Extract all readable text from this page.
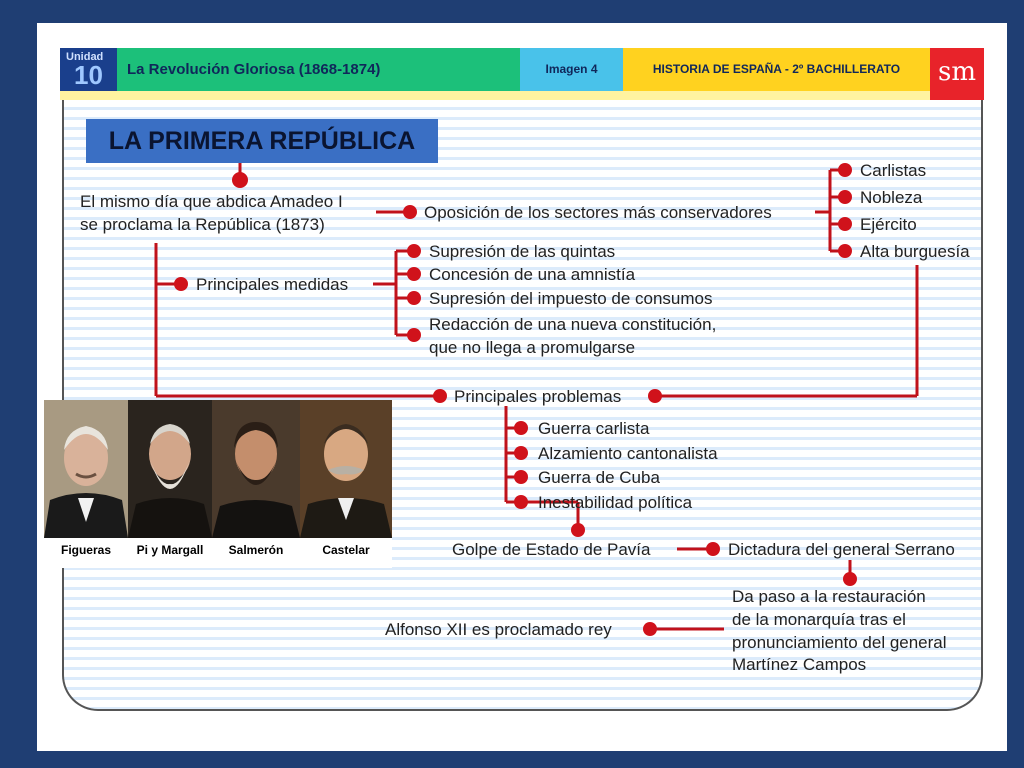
Unidad
10	La Revolución Gloriosa (1868-1874)	Imagen 4	HISTORIA DE ESPAÑA - 2º BACHILLERATO	sm
LA PRIMERA REPÚBLICA
El mismo día que abdica Amadeo I
se proclama la República (1873)
Oposición de los sectores más conservadores
Carlistas
Nobleza
Ejército
Alta burguesía
Principales medidas
Supresión de las quintas
Concesión de una amnistía
Supresión del impuesto de consumos
Redacción de una nueva constitución,
que no llega a promulgarse
Principales problemas
Guerra carlista
Alzamiento cantonalista
Guerra de Cuba
Inestabilidad política
Golpe de Estado de Pavía	Dictadura del general Serrano
Da paso a la restauración
de la monarquía tras el
pronunciamiento del general
Martínez Campos
Alfonso XII es proclamado rey
Figueras	Pi y Margall	Salmerón	Castelar
